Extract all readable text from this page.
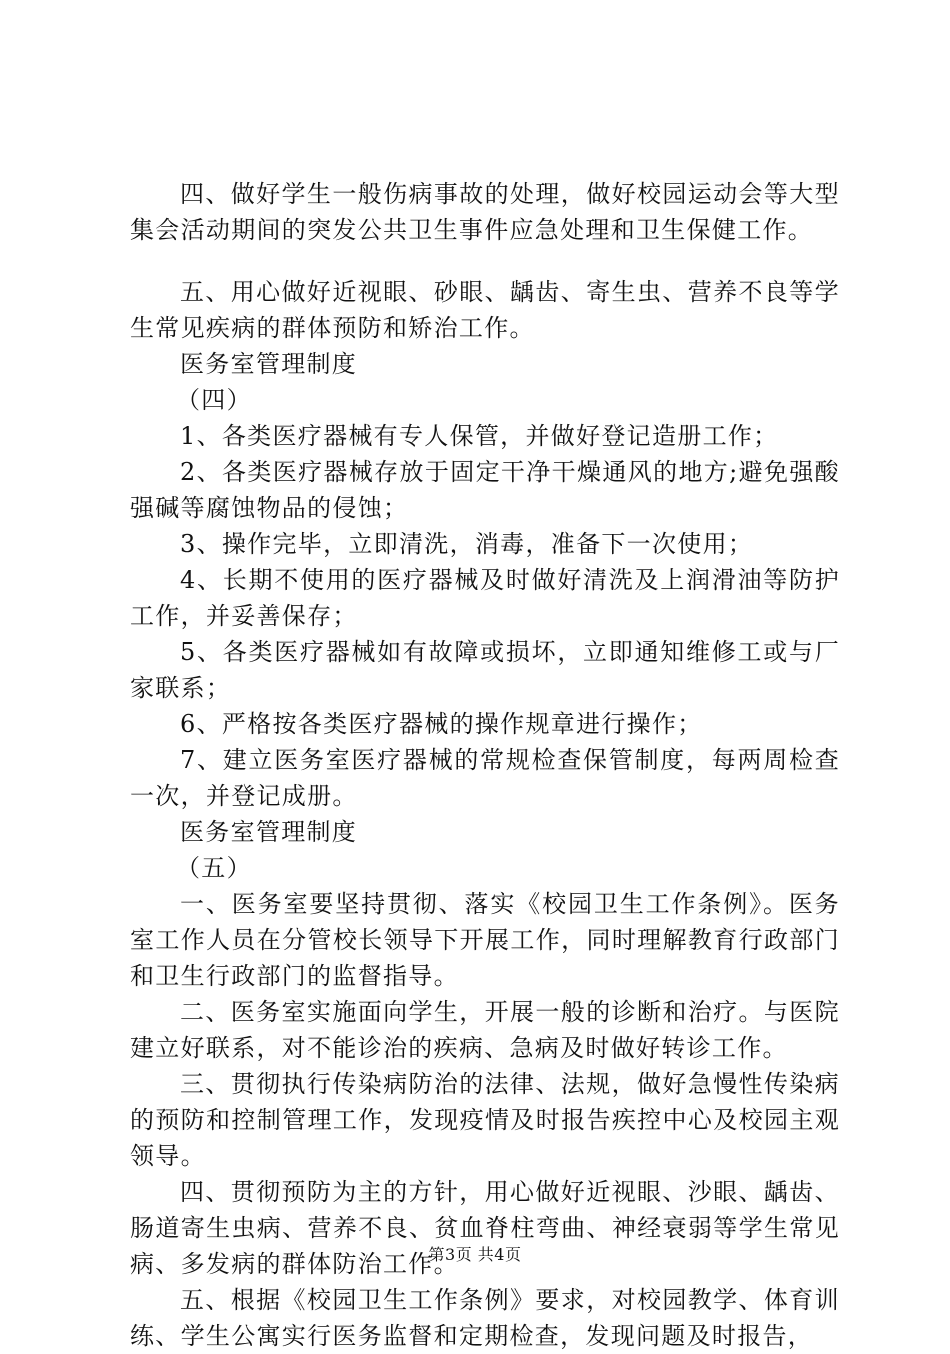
四、做好学生一般伤病事故的处理，做好校园运动会等大型集会活动期间的突发公共卫生事件应急处理和卫生保健工作。

五、用心做好近视眼、砂眼、龋齿、寄生虫、营养不良等学生常见疾病的群体预防和矫治工作。

医务室管理制度

（四）

1、各类医疗器械有专人保管，并做好登记造册工作；

2、各类医疗器械存放于固定干净干燥通风的地方;避免强酸强碱等腐蚀物品的侵蚀；

3、操作完毕，立即清洗，消毒，准备下一次使用；

4、长期不使用的医疗器械及时做好清洗及上润滑油等防护工作，并妥善保存；

5、各类医疗器械如有故障或损坏，立即通知维修工或与厂家联系；

6、严格按各类医疗器械的操作规章进行操作；

7、建立医务室医疗器械的常规检查保管制度，每两周检查一次，并登记成册。

医务室管理制度

（五）

一、医务室要坚持贯彻、落实《校园卫生工作条例》。医务室工作人员在分管校长领导下开展工作，同时理解教育行政部门和卫生行政部门的监督指导。

二、医务室实施面向学生，开展一般的诊断和治疗。与医院建立好联系，对不能诊治的疾病、急病及时做好转诊工作。

三、贯彻执行传染病防治的法律、法规，做好急慢性传染病的预防和控制管理工作，发现疫情及时报告疾控中心及校园主观领导。

四、贯彻预防为主的方针，用心做好近视眼、沙眼、龋齿、肠道寄生虫病、营养不良、贫血脊柱弯曲、神经衰弱等学生常见病、多发病的群体防治工作。

五、根据《校园卫生工作条例》要求，对校园教学、体育训练、学生公寓实行医务监督和定期检查，发现问题及时报告，

第3页 共4页
